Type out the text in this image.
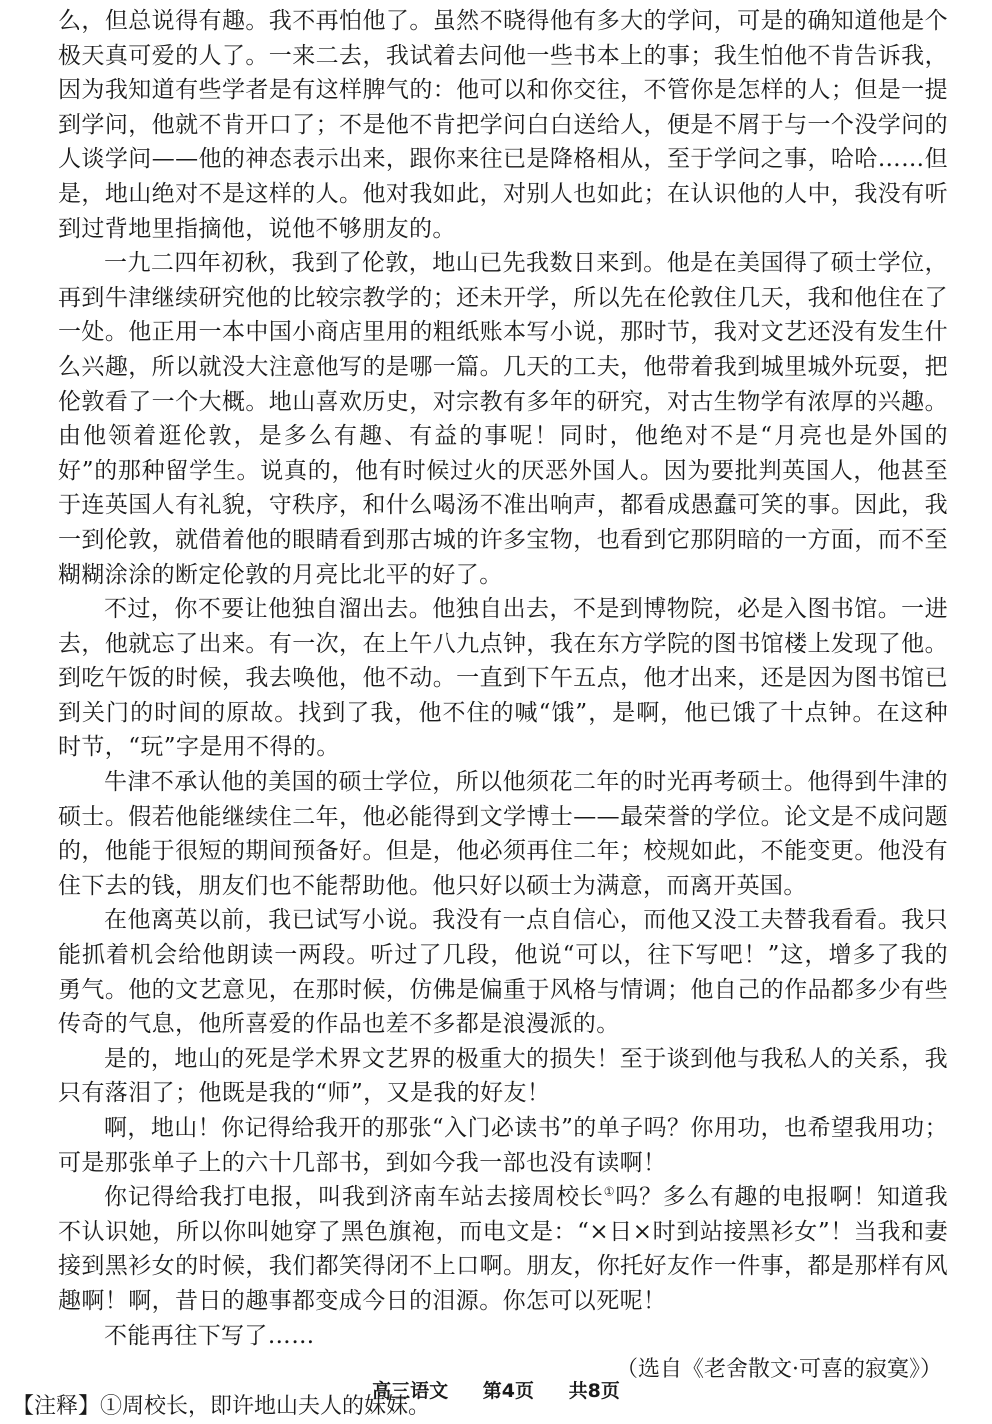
么，但总说得有趣。我不再怕他了。虽然不晓得他有多大的学问，可是的确知道他是个极天真可爱的人了。一来二去，我试着去问他一些书本上的事；我生怕他不肯告诉我，因为我知道有些学者是有这样脾气的：他可以和你交往，不管你是怎样的人；但是一提到学问，他就不肯开口了；不是他不肯把学问白白送给人，便是不屑于与一个没学问的人谈学问——他的神态表示出来，跟你来往已是降格相从，至于学问之事，哈哈……但是，地山绝对不是这样的人。他对我如此，对别人也如此；在认识他的人中，我没有听到过背地里指摘他，说他不够朋友的。

一九二四年初秋，我到了伦敦，地山已先我数日来到。他是在美国得了硕士学位，再到牛津继续研究他的比较宗教学的；还未开学，所以先在伦敦住几天，我和他住在了一处。他正用一本中国小商店里用的粗纸账本写小说，那时节，我对文艺还没有发生什么兴趣，所以就没大注意他写的是哪一篇。几天的工夫，他带着我到城里城外玩耍，把伦敦看了一个大概。地山喜欢历史，对宗教有多年的研究，对古生物学有浓厚的兴趣。由他领着逛伦敦，是多么有趣、有益的事呢！同时，他绝对不是“月亮也是外国的好”的那种留学生。说真的，他有时候过火的厌恶外国人。因为要批判英国人，他甚至于连英国人有礼貌，守秩序，和什么喝汤不准出响声，都看成愚蠢可笑的事。因此，我一到伦敦，就借着他的眼睛看到那古城的许多宝物，也看到它那阴暗的一方面，而不至糊糊涂涂的断定伦敦的月亮比北平的好了。

不过，你不要让他独自溜出去。他独自出去，不是到博物院，必是入图书馆。一进去，他就忘了出来。有一次，在上午八九点钟，我在东方学院的图书馆楼上发现了他。到吃午饭的时候，我去唤他，他不动。一直到下午五点，他才出来，还是因为图书馆已到关门的时间的原故。找到了我，他不住的喊“饿”，是啊，他已饿了十点钟。在这种时节，“玩”字是用不得的。

牛津不承认他的美国的硕士学位，所以他须花二年的时光再考硕士。他得到牛津的硕士。假若他能继续住二年，他必能得到文学博士——最荣誉的学位。论文是不成问题的，他能于很短的期间预备好。但是，他必须再住二年；校规如此，不能变更。他没有住下去的钱，朋友们也不能帮助他。他只好以硕士为满意，而离开英国。

在他离英以前，我已试写小说。我没有一点自信心，而他又没工夫替我看看。我只能抓着机会给他朗读一两段。听过了几段，他说“可以，往下写吧！”这，增多了我的勇气。他的文艺意见，在那时候，仿佛是偏重于风格与情调；他自己的作品都多少有些传奇的气息，他所喜爱的作品也差不多都是浪漫派的。

是的，地山的死是学术界文艺界的极重大的损失！至于谈到他与我私人的关系，我只有落泪了；他既是我的“师”，又是我的好友！

啊，地山！你记得给我开的那张“入门必读书”的单子吗？你用功，也希望我用功；可是那张单子上的六十几部书，到如今我一部也没有读啊！

你记得给我打电报，叫我到济南车站去接周校长①吗？多么有趣的电报啊！知道我不认识她，所以你叫她穿了黑色旗袍，而电文是：“×日×时到站接黑衫女”！当我和妻接到黑衫女的时候，我们都笑得闭不上口啊。朋友，你托好友作一件事，都是那样有风趣啊！啊，昔日的趣事都变成今日的泪源。你怎可以死呢！

不能再往下写了……

（选自《老舍散文·可喜的寂寞》）

【注释】①周校长，即许地山夫人的妹妹。

高三语文 第4页 共8页
